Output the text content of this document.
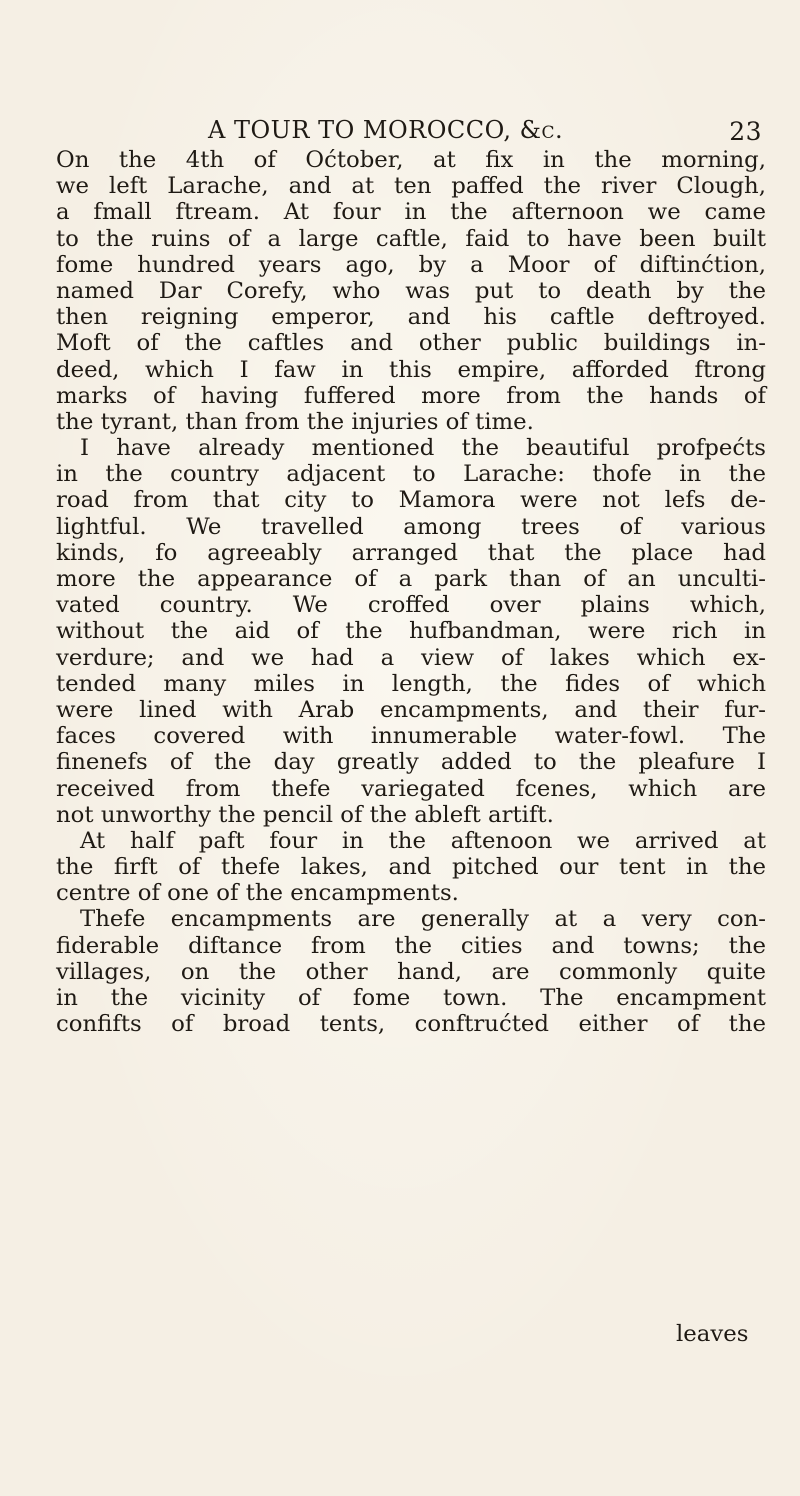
A TOUR TO MOROCCO, &c.	23
On the 4th of Oćtober, at fix in the morning,
we left Larache, and at ten paffed the river Clough,
a fmall ftream. At four in the afternoon we came
to the ruins of a large caftle, faid to have been built
fome hundred years ago, by a Moor of diftinćtion,
named Dar Corefy, who was put to death by the
then reigning emperor, and his caftle deftroyed.
Moft of the caftles and other public buildings in-
deed, which I faw in this empire, afforded ftrong
marks of having fuffered more from the hands of
the tyrant, than from the injuries of time.
I have already mentioned the beautiful profpećts
in the country adjacent to Larache: thofe in the
road from that city to Mamora were not lefs de-
lightful. We travelled among trees of various
kinds, fo agreeably arranged that the place had
more the appearance of a park than of an unculti-
vated country. We croffed over plains which,
without the aid of the hufbandman, were rich in
verdure; and we had a view of lakes which ex-
tended many miles in length, the fides of which
were lined with Arab encampments, and their fur-
faces covered with innumerable water-fowl. The
finenefs of the day greatly added to the pleafure I
received from thefe variegated fcenes, which are
not unworthy the pencil of the ableft artift.
At half paft four in the aftenoon we arrived at
the firft of thefe lakes, and pitched our tent in the
centre of one of the encampments.
Thefe encampments are generally at a very con-
fiderable diftance from the cities and towns; the
villages, on the other hand, are commonly quite
in the vicinity of fome town. The encampment
confifts of broad tents, conftrućted either of the
leaves
